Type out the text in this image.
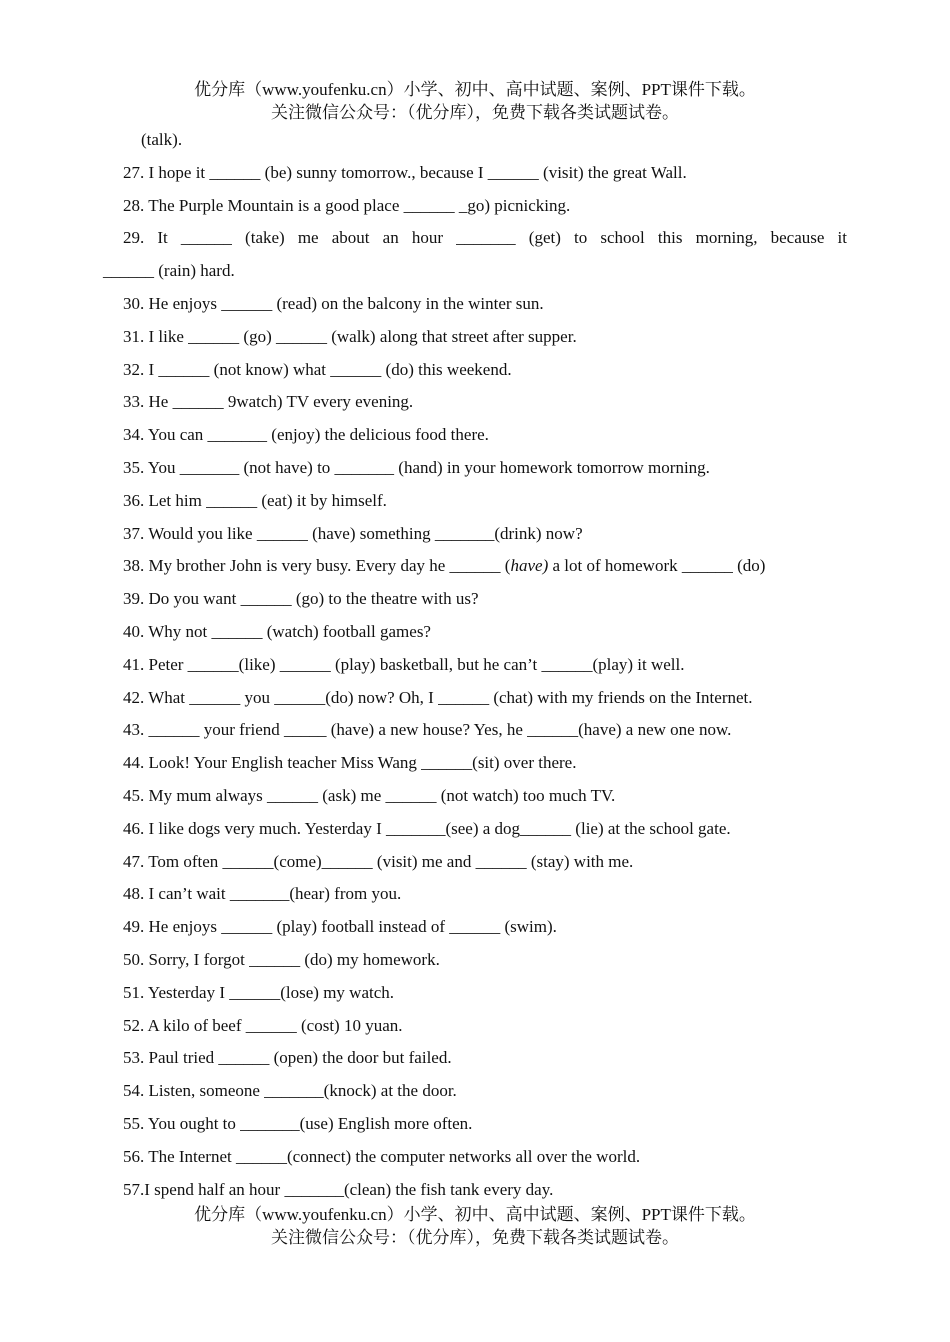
优分库（www.youfenku.cn）小学、初中、高中试题、案例、PPT课件下载。
关注微信公众号：（优分库），免费下载各类试题试卷。
(talk).
27. I hope it ______ (be) sunny tomorrow., because I ______ (visit) the great Wall.
28. The Purple Mountain is a good place ______ _go) picnicking.
29. It ______ (take) me about an hour _______ (get) to school this morning, because it
______ (rain) hard.
30. He enjoys ______ (read) on the balcony in the winter sun.
31. I like ______ (go) ______ (walk) along that street after supper.
32. I ______ (not know) what ______ (do) this weekend.
33. He ______ 9watch) TV every evening.
34. You can _______ (enjoy) the delicious food there.
35. You _______ (not have) to _______ (hand) in your homework tomorrow morning.
36. Let him ______ (eat) it by himself.
37. Would you like ______ (have) something _______(drink) now?
38. My brother John is very busy. Every day he ______ (have) a lot of homework ______ (do)
39. Do you want ______ (go) to the theatre with us?
40. Why not ______ (watch) football games?
41. Peter ______(like) ______ (play) basketball, but he can’t ______(play) it well.
42. What ______ you ______(do) now? Oh, I ______ (chat) with my friends on the Internet.
43. ______ your friend _____ (have) a new house? Yes, he ______(have) a new one now.
44. Look! Your English teacher Miss Wang ______(sit) over there.
45. My mum always ______ (ask) me ______ (not watch) too much TV.
46. I like dogs very much. Yesterday I _______(see) a dog______ (lie) at the school gate.
47. Tom often ______(come)______ (visit) me and ______ (stay) with me.
48. I can’t wait _______(hear) from you.
49. He enjoys ______ (play) football instead of ______ (swim).
50. Sorry, I forgot ______ (do) my homework.
51. Yesterday I ______(lose) my watch.
52. A kilo of beef ______ (cost) 10 yuan.
53. Paul tried ______ (open) the door but failed.
54. Listen, someone _______(knock) at the door.
55. You ought to _______(use) English more often.
56. The Internet ______(connect) the computer networks all over the world.
57.I spend half an hour _______(clean) the fish tank every day.
优分库（www.youfenku.cn）小学、初中、高中试题、案例、PPT课件下载。
关注微信公众号：（优分库），免费下载各类试题试卷。
